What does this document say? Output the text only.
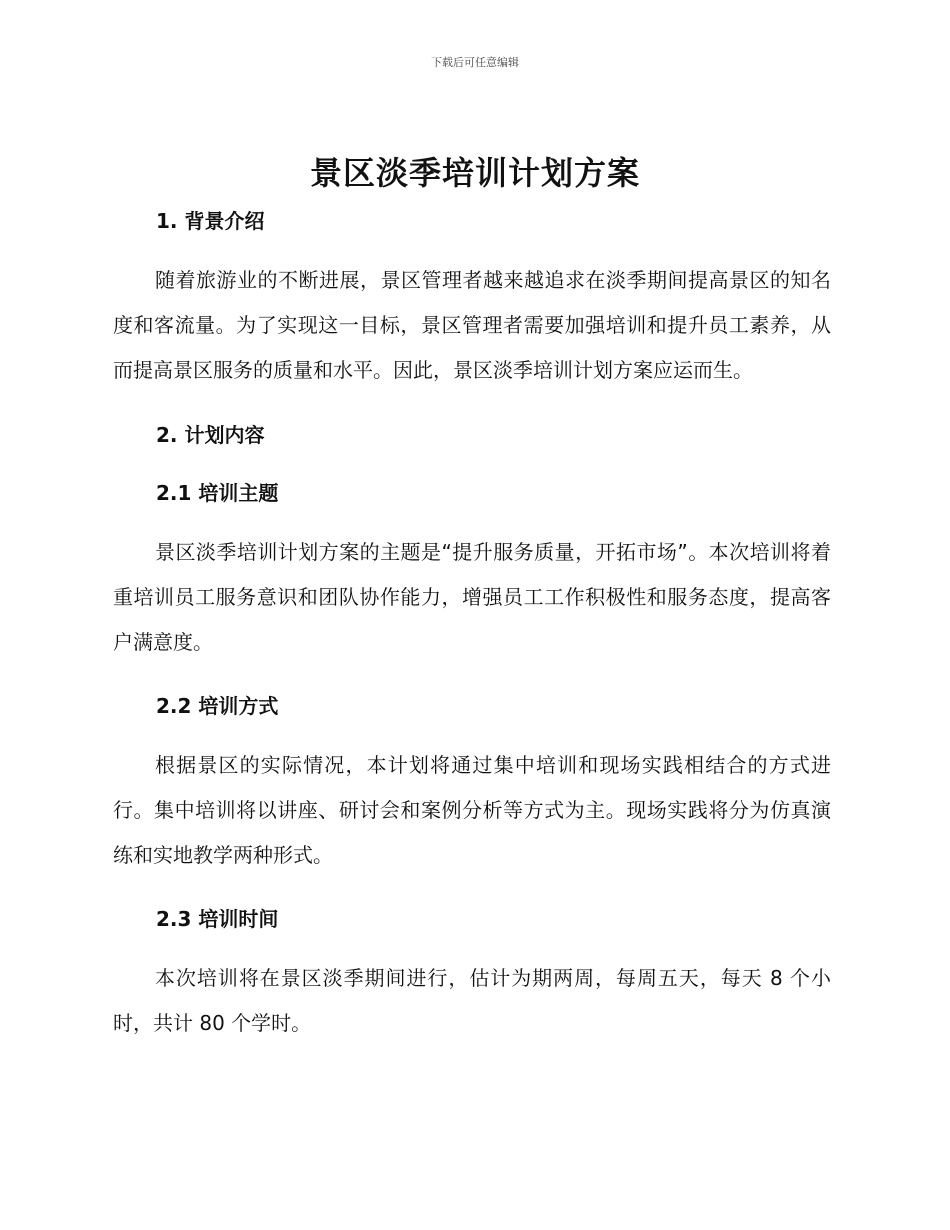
下载后可任意编辑
景区淡季培训计划方案
1. 背景介绍

随着旅游业的不断进展，景区管理者越来越追求在淡季期间提高景区的知名度和客流量。为了实现这一目标，景区管理者需要加强培训和提升员工素养，从而提高景区服务的质量和水平。因此，景区淡季培训计划方案应运而生。

2. 计划内容
2.1 培训主题

景区淡季培训计划方案的主题是“提升服务质量，开拓市场”。本次培训将着重培训员工服务意识和团队协作能力，增强员工工作积极性和服务态度，提高客户满意度。

2.2 培训方式

根据景区的实际情况，本计划将通过集中培训和现场实践相结合的方式进行。集中培训将以讲座、研讨会和案例分析等方式为主。现场实践将分为仿真演练和实地教学两种形式。

2.3 培训时间

本次培训将在景区淡季期间进行，估计为期两周，每周五天，每天 8 个小时，共计 80 个学时。
